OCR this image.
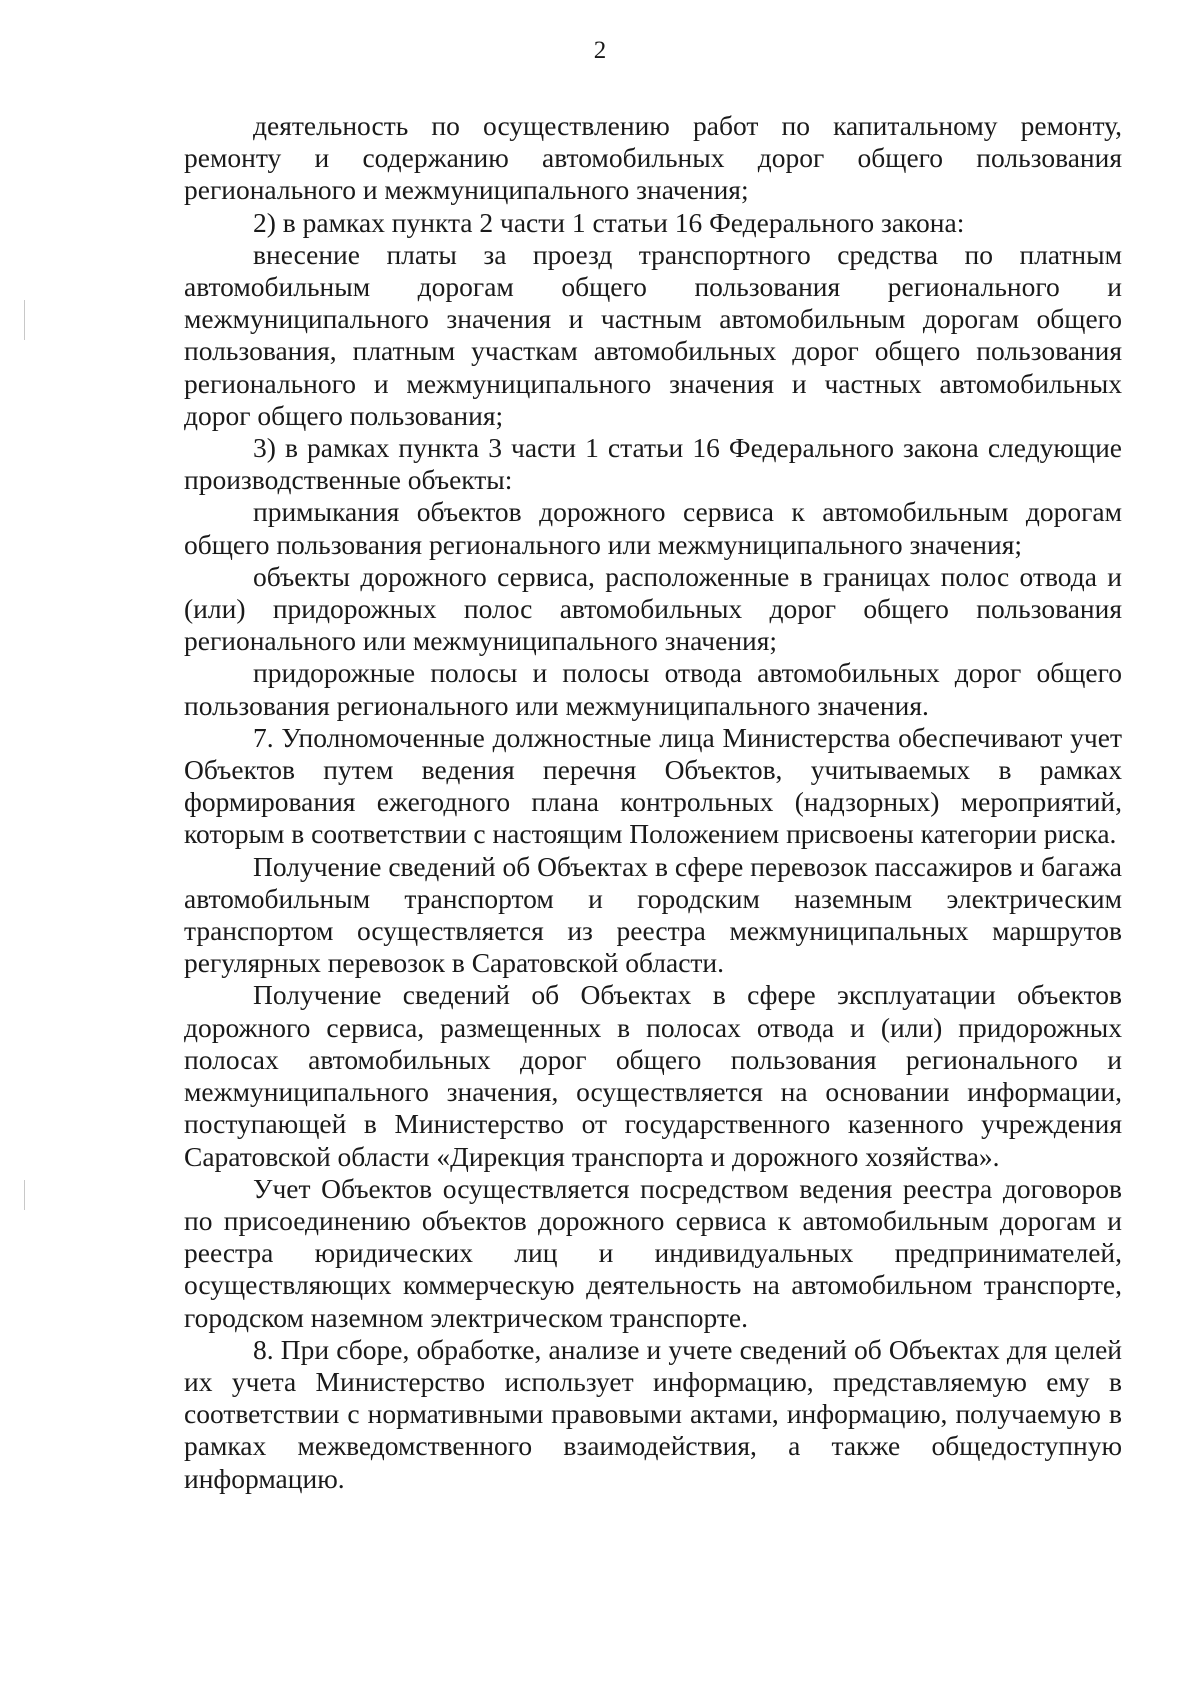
2

деятельность по осуществлению работ по капитальному ремонту, ремонту и содержанию автомобильных дорог общего пользования регионального и межмуниципального значения;

2) в рамках пункта 2 части 1 статьи 16 Федерального закона:

внесение платы за проезд транспортного средства по платным автомобильным дорогам общего пользования регионального и межмуниципального значения и частным автомобильным дорогам общего пользования, платным участкам автомобильных дорог общего пользования регионального и межмуниципального значения и частных автомобильных дорог общего пользования;

3) в рамках пункта 3 части 1 статьи 16 Федерального закона следующие производственные объекты:

примыкания объектов дорожного сервиса к автомобильным дорогам общего пользования регионального или межмуниципального значения;

объекты дорожного сервиса, расположенные в границах полос отвода и (или) придорожных полос автомобильных дорог общего пользования регионального или межмуниципального значения;

придорожные полосы и полосы отвода автомобильных дорог общего пользования регионального или межмуниципального значения.

7. Уполномоченные должностные лица Министерства обеспечивают учет Объектов путем ведения перечня Объектов, учитываемых в рамках формирования ежегодного плана контрольных (надзорных) мероприятий, которым в соответствии с настоящим Положением присвоены категории риска.

Получение сведений об Объектах в сфере перевозок пассажиров и багажа автомобильным транспортом и городским наземным электрическим транспортом осуществляется из реестра межмуниципальных маршрутов регулярных перевозок в Саратовской области.

Получение сведений об Объектах в сфере эксплуатации объектов дорожного сервиса, размещенных в полосах отвода и (или) придорожных полосах автомобильных дорог общего пользования регионального и межмуниципального значения, осуществляется на основании информации, поступающей в Министерство от государственного казенного учреждения Саратовской области «Дирекция транспорта и дорожного хозяйства».

Учет Объектов осуществляется посредством ведения реестра договоров по присоединению объектов дорожного сервиса к автомобильным дорогам и реестра юридических лиц и индивидуальных предпринимателей, осуществляющих коммерческую деятельность на автомобильном транспорте, городском наземном электрическом транспорте.

8. При сборе, обработке, анализе и учете сведений об Объектах для целей их учета Министерство использует информацию, представляемую ему в соответствии с нормативными правовыми актами, информацию, получаемую в рамках межведомственного взаимодействия, а также общедоступную информацию.
